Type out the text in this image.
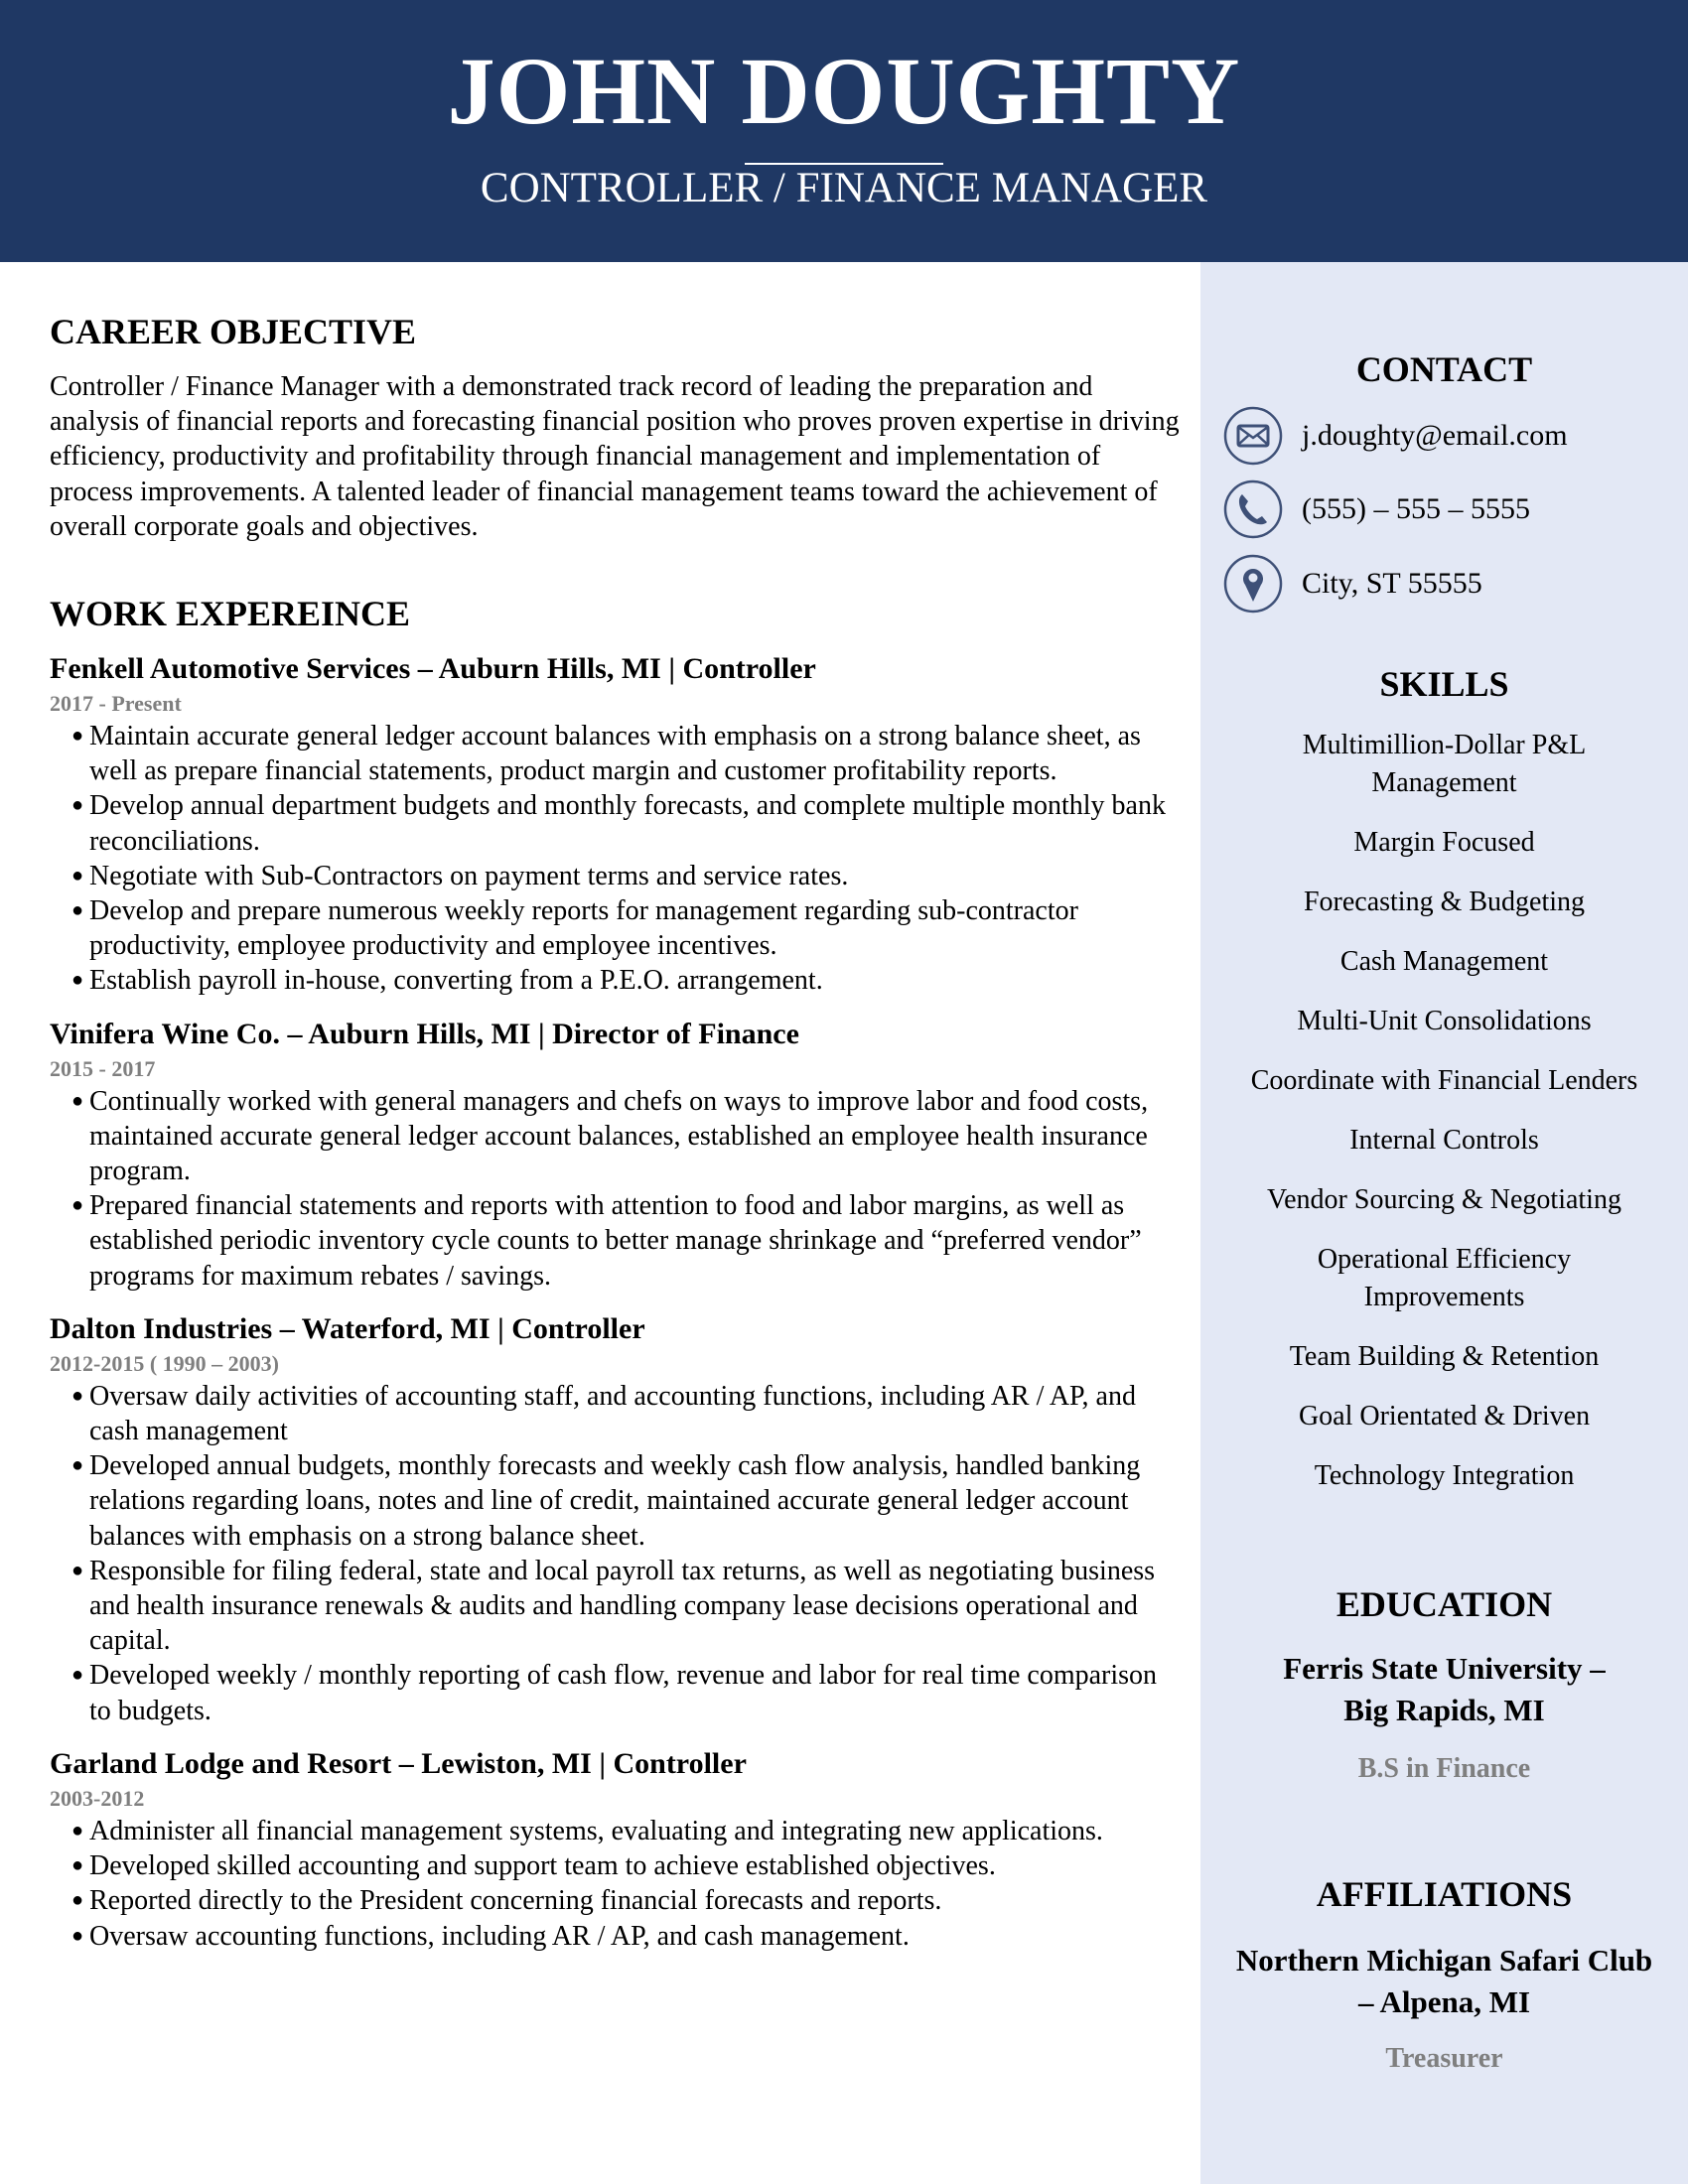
JOHN DOUGHTY
CONTROLLER / FINANCE MANAGER
CAREER OBJECTIVE

Controller / Finance Manager with a demonstrated track record of leading the preparation and analysis of financial reports and forecasting financial position who proves proven expertise in driving efficiency, productivity and profitability through financial management and implementation of process improvements. A talented leader of financial management teams toward the achievement of overall corporate goals and objectives.

WORK EXPEREINCE
Fenkell Automotive Services – Auburn Hills, MI | Controller
2017 - Present
● Maintain accurate general ledger account balances with emphasis on a strong balance sheet, as well as prepare financial statements, product margin and customer profitability reports.
● Develop annual department budgets and monthly forecasts, and complete multiple monthly bank reconciliations.
● Negotiate with Sub-Contractors on payment terms and service rates.
● Develop and prepare numerous weekly reports for management regarding sub-contractor productivity, employee productivity and employee incentives.
● Establish payroll in-house, converting from a P.E.O. arrangement.
Vinifera Wine Co. – Auburn Hills, MI | Director of Finance
2015 - 2017
● Continually worked with general managers and chefs on ways to improve labor and food costs, maintained accurate general ledger account balances, established an employee health insurance program.
● Prepared financial statements and reports with attention to food and labor margins, as well as established periodic inventory cycle counts to better manage shrinkage and “preferred vendor” programs for maximum rebates / savings.
Dalton Industries – Waterford, MI | Controller
2012-2015 ( 1990 – 2003)
● Oversaw daily activities of accounting staff, and accounting functions, including AR / AP, and cash management
● Developed annual budgets, monthly forecasts and weekly cash flow analysis, handled banking relations regarding loans, notes and line of credit, maintained accurate general ledger account balances with emphasis on a strong balance sheet.
● Responsible for filing federal, state and local payroll tax returns, as well as negotiating business and health insurance renewals & audits and handling company lease decisions operational and capital.
● Developed weekly / monthly reporting of cash flow, revenue and labor for real time comparison to budgets.
Garland Lodge and Resort – Lewiston, MI | Controller
2003-2012
● Administer all financial management systems, evaluating and integrating new applications.
● Developed skilled accounting and support team to achieve established objectives.
● Reported directly to the President concerning financial forecasts and reports.
● Oversaw accounting functions, including AR / AP, and cash management.
CONTACT
j.doughty@email.com
(555) – 555 – 5555
City, ST 55555
SKILLS
Multimillion-Dollar P&L Management
Margin Focused
Forecasting & Budgeting
Cash Management
Multi-Unit Consolidations
Coordinate with Financial Lenders
Internal Controls
Vendor Sourcing & Negotiating
Operational Efficiency Improvements
Team Building & Retention
Goal Orientated & Driven
Technology Integration
EDUCATION
Ferris State University – Big Rapids, MI
B.S in Finance
AFFILIATIONS
Northern Michigan Safari Club – Alpena, MI
Treasurer
